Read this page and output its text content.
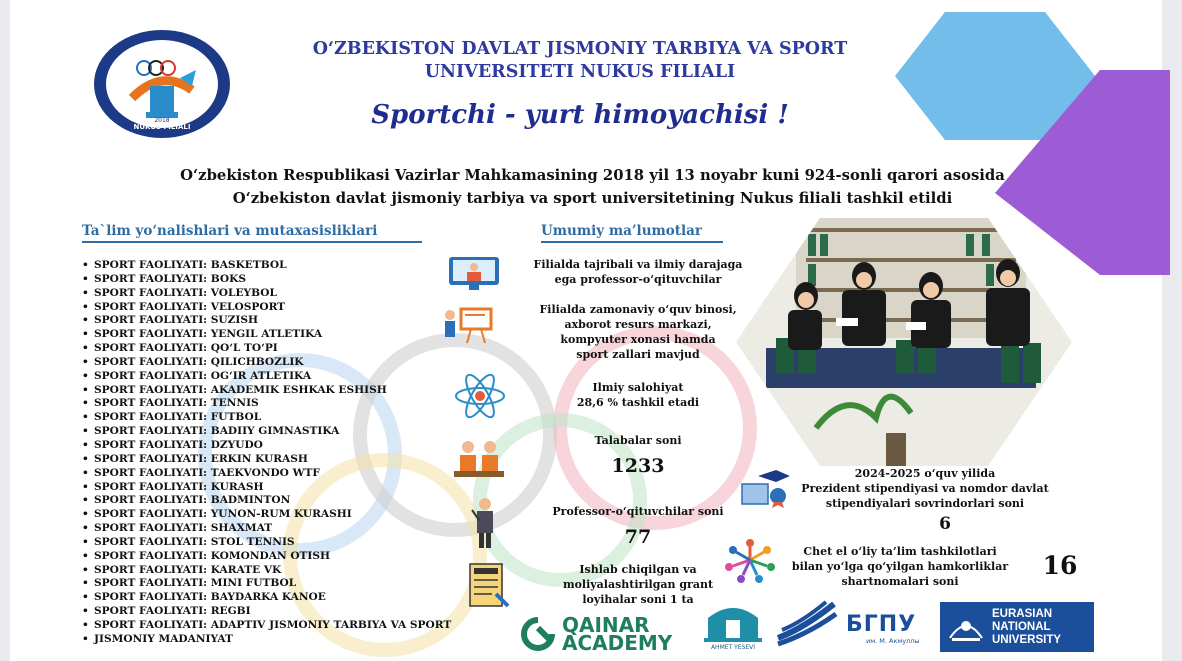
NUKUS FILIALI
2018
O‘ZBEKISTON DAVLAT JISMONIY TARBIYA VA SPORT
UNIVERSITETI NUKUS FILIALI
Sportchi - yurt himoyachisi !
O‘zbekiston Respublikasi Vazirlar Mahkamasining 2018 yil 13 noyabr kuni 924-sonli qarori asosida
O‘zbekiston davlat jismoniy tarbiya va sport universitetining Nukus filiali tashkil etildi
Ta`lim yo‘nalishlari va mutaxasisliklari	Umumiy ma’lumotlar
• SPORT FAOLIYATI: BASKETBOL
• SPORT FAOLIYATI: BOKS
• SPORT FAOLIYATI: VOLEYBOL
• SPORT FAOLIYATI: VELOSPORT
• SPORT FAOLIYATI: SUZISH
• SPORT FAOLIYATI: YENGIL ATLETIKA
• SPORT FAOLIYATI: QO‘L TO‘PI
• SPORT FAOLIYATI: QILICHBOZLIK
• SPORT FAOLIYATI: OG‘IR ATLETIKA
• SPORT FAOLIYATI: AKADEMIK ESHKAK ESHISH
• SPORT FAOLIYATI: TENNIS
• SPORT FAOLIYATI: FUTBOL
• SPORT FAOLIYATI: BADIIY GIMNASTIKA
• SPORT FAOLIYATI: DZYUDO
• SPORT FAOLIYATI: ERKIN KURASH
• SPORT FAOLIYATI: TAEKVONDO WTF
• SPORT FAOLIYATI: KURASH
• SPORT FAOLIYATI: BADMINTON
• SPORT FAOLIYATI: YUNON-RUM KURASHI
• SPORT FAOLIYATI: SHAXMAT
• SPORT FAOLIYATI: STOL TENNIS
• SPORT FAOLIYATI: KOMONDAN OTISH
• SPORT FAOLIYATI: KARATE VK
• SPORT FAOLIYATI: MINI FUTBOL
• SPORT FAOLIYATI: BAYDARKA KANOE
• SPORT FAOLIYATI: REGBI
• SPORT FAOLIYATI: ADAPTIV JISMONIY TARBIYA VA SPORT
• JISMONIY MADANIYAT
Filialda tajribali va ilmiy darajaga
ega professor-o‘qituvchilar
Filialda zamonaviy o‘quv binosi,
axborot resurs markazi,
kompyuter xonasi hamda
sport zallari mavjud
Ilmiy salohiyat
28,6 % tashkil etadi
Talabalar soni
1233
Professor-o‘qituvchilar soni
77
Ishlab chiqilgan va
moliyalashtirilgan grant
loyihalar soni 1 ta
2024-2025 o‘quv yilida
Prezident stipendiyasi va nomdor davlat
stipendiyalari sovrindorlari soni
6
Chet el o‘liy ta’lim tashkilotlari
bilan yo‘lga qo‘yilgan hamkorliklar
shartnomalari soni
16
QAINAR
ACADEMY	AHMET YESEVİ
БГПУ
им. М. Акмуллы
EURASIAN
NATIONAL
UNIVERSITY
